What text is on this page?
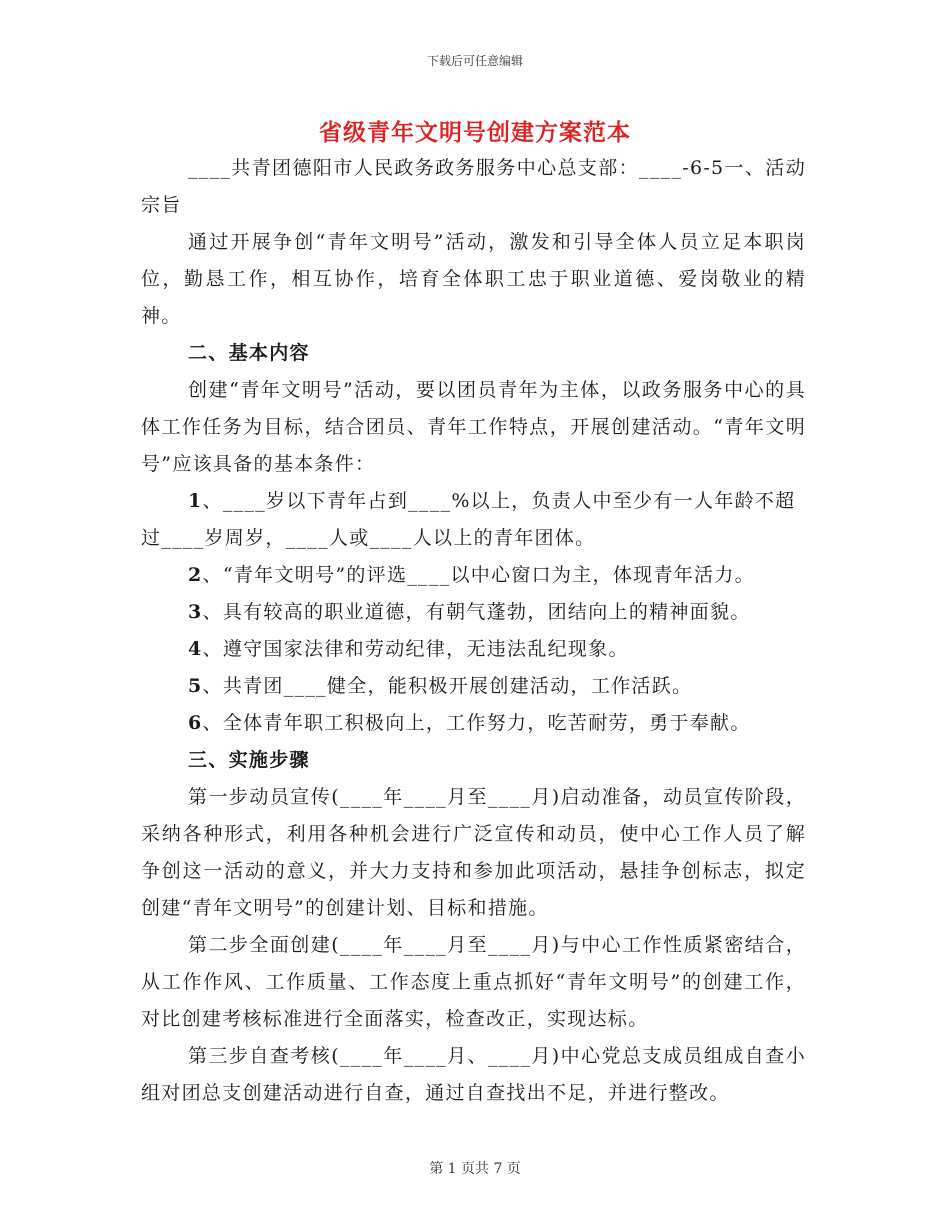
下载后可任意编辑
省级青年文明号创建方案范本

____共青团德阳市人民政务政务服务中心总支部：____-6-5一、活动宗旨

通过开展争创“青年文明号”活动，激发和引导全体人员立足本职岗位，勤恳工作，相互协作，培育全体职工忠于职业道德、爱岗敬业的精神。

二、基本内容

创建“青年文明号”活动，要以团员青年为主体，以政务服务中心的具体工作任务为目标，结合团员、青年工作特点，开展创建活动。“青年文明号”应该具备的基本条件：

1、____岁以下青年占到____%以上，负责人中至少有一人年龄不超过____岁周岁，____人或____人以上的青年团体。

2、“青年文明号”的评选____以中心窗口为主，体现青年活力。

3、具有较高的职业道德，有朝气蓬勃，团结向上的精神面貌。

4、遵守国家法律和劳动纪律，无违法乱纪现象。

5、共青团____健全，能积极开展创建活动，工作活跃。

6、全体青年职工积极向上，工作努力，吃苦耐劳，勇于奉献。

三、实施步骤

第一步动员宣传(____年____月至____月)启动准备，动员宣传阶段，采纳各种形式，利用各种机会进行广泛宣传和动员，使中心工作人员了解争创这一活动的意义，并大力支持和参加此项活动，悬挂争创标志，拟定创建“青年文明号”的创建计划、目标和措施。

第二步全面创建(____年____月至____月)与中心工作性质紧密结合，从工作作风、工作质量、工作态度上重点抓好“青年文明号”的创建工作，对比创建考核标准进行全面落实，检查改正，实现达标。

第三步自查考核(____年____月、____月)中心党总支成员组成自查小组对团总支创建活动进行自查，通过自查找出不足，并进行整改。

第 1 页共 7 页
